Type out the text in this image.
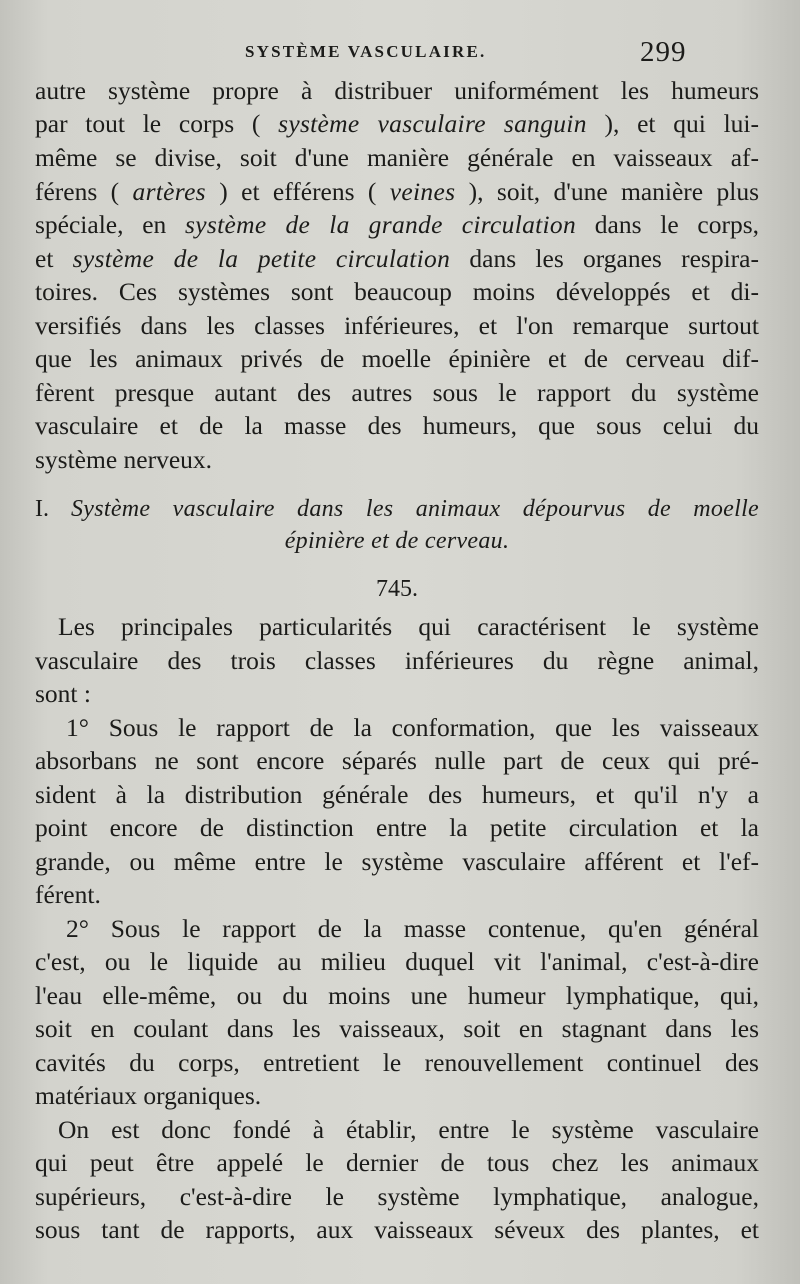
SYSTÈME VASCULAIRE.	299
autre système propre à distribuer uniformément les humeurs
par tout le corps ( système vasculaire sanguin ), et qui lui-
même se divise, soit d'une manière générale en vaisseaux af-
férens ( artères ) et efférens ( veines ), soit, d'une manière plus
spéciale, en système de la grande circulation dans le corps,
et système de la petite circulation dans les organes respira-
toires. Ces systèmes sont beaucoup moins développés et di-
versifiés dans les classes inférieures, et l'on remarque surtout
que les animaux privés de moelle épinière et de cerveau dif-
fèrent presque autant des autres sous le rapport du système
vasculaire et de la masse des humeurs, que sous celui du
système nerveux.
I. Système vasculaire dans les animaux dépourvus de moelle
épinière et de cerveau.
745.
Les principales particularités qui caractérisent le système
vasculaire des trois classes inférieures du règne animal,
sont :
1° Sous le rapport de la conformation, que les vaisseaux
absorbans ne sont encore séparés nulle part de ceux qui pré-
sident à la distribution générale des humeurs, et qu'il n'y a
point encore de distinction entre la petite circulation et la
grande, ou même entre le système vasculaire afférent et l'ef-
férent.
2° Sous le rapport de la masse contenue, qu'en général
c'est, ou le liquide au milieu duquel vit l'animal, c'est-à-dire
l'eau elle-même, ou du moins une humeur lymphatique, qui,
soit en coulant dans les vaisseaux, soit en stagnant dans les
cavités du corps, entretient le renouvellement continuel des
matériaux organiques.
On est donc fondé à établir, entre le système vasculaire
qui peut être appelé le dernier de tous chez les animaux
supérieurs, c'est-à-dire le système lymphatique, analogue,
sous tant de rapports, aux vaisseaux séveux des plantes, et
